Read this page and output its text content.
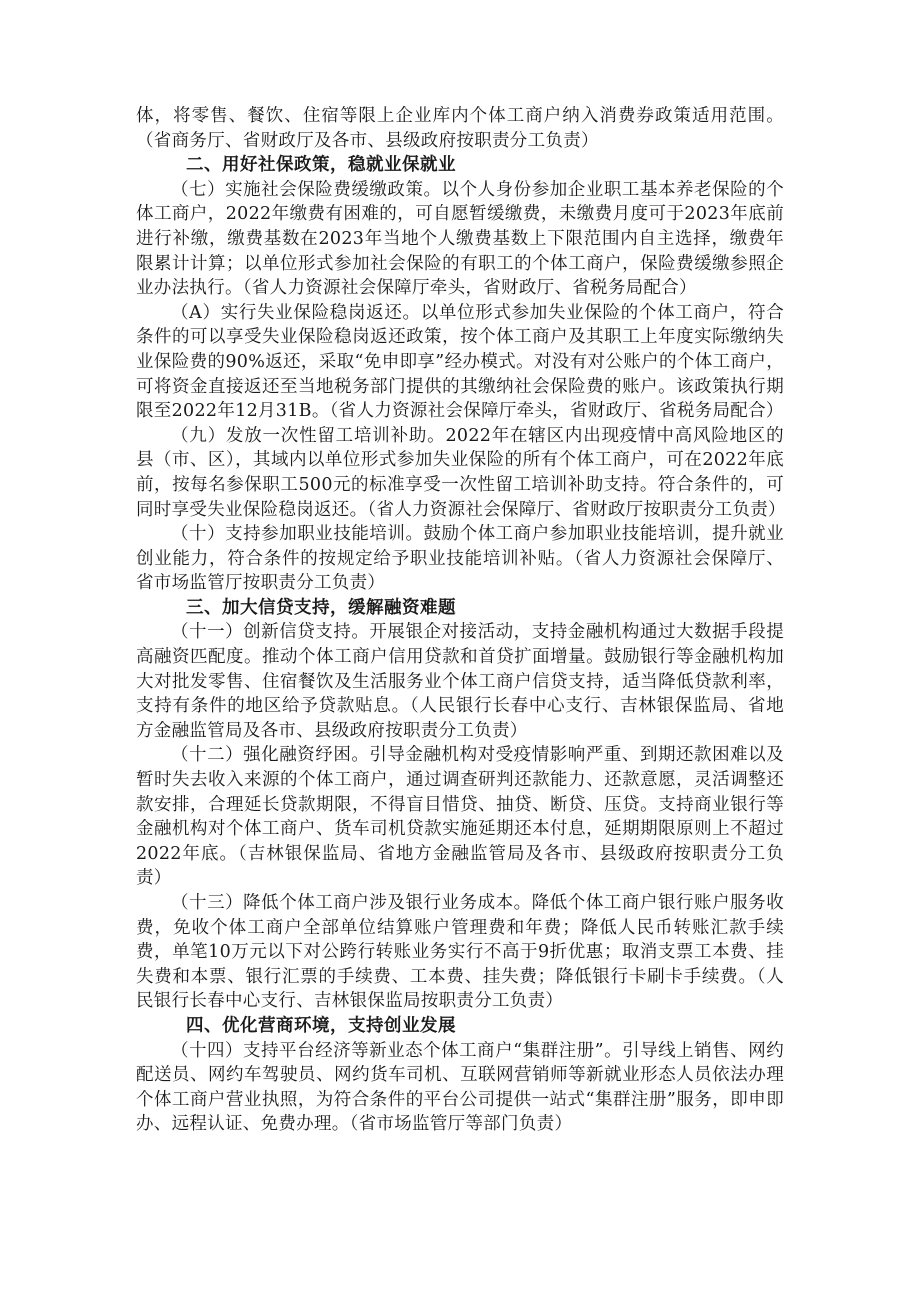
体，将零售、餐饮、住宿等限上企业库内个体工商户纳入消费券政策适用范围。（省商务厅、省财政厅及各市、县级政府按职责分工负责）

二、用好社保政策，稳就业保就业

（七）实施社会保险费缓缴政策。以个人身份参加企业职工基本养老保险的个体工商户，2022年缴费有困难的，可自愿暂缓缴费，未缴费月度可于2023年底前进行补缴，缴费基数在2023年当地个人缴费基数上下限范围内自主选择，缴费年限累计计算；以单位形式参加社会保险的有职工的个体工商户，保险费缓缴参照企业办法执行。（省人力资源社会保障厅牵头，省财政厅、省税务局配合）

（A）实行失业保险稳岗返还。以单位形式参加失业保险的个体工商户，符合条件的可以享受失业保险稳岗返还政策，按个体工商户及其职工上年度实际缴纳失业保险费的90%返还，采取“免申即享”经办模式。对没有对公账户的个体工商户，可将资金直接返还至当地税务部门提供的其缴纳社会保险费的账户。该政策执行期限至2022年12月31B。（省人力资源社会保障厅牵头，省财政厅、省税务局配合）

（九）发放一次性留工培训补助。2022年在辖区内出现疫情中高风险地区的县（市、区），其域内以单位形式参加失业保险的所有个体工商户，可在2022年底前，按每名参保职工500元的标准享受一次性留工培训补助支持。符合条件的，可同时享受失业保险稳岗返还。（省人力资源社会保障厅、省财政厅按职责分工负责）

（十）支持参加职业技能培训。鼓励个体工商户参加职业技能培训，提升就业创业能力，符合条件的按规定给予职业技能培训补贴。（省人力资源社会保障厅、省市场监管厅按职责分工负责）

三、加大信贷支持，缓解融资难题

（十一）创新信贷支持。开展银企对接活动，支持金融机构通过大数据手段提高融资匹配度。推动个体工商户信用贷款和首贷扩面增量。鼓励银行等金融机构加大对批发零售、住宿餐饮及生活服务业个体工商户信贷支持，适当降低贷款利率，支持有条件的地区给予贷款贴息。（人民银行长春中心支行、吉林银保监局、省地方金融监管局及各市、县级政府按职责分工负责）

（十二）强化融资纾困。引导金融机构对受疫情影响严重、到期还款困难以及暂时失去收入来源的个体工商户，通过调查研判还款能力、还款意愿，灵活调整还款安排，合理延长贷款期限，不得盲目惜贷、抽贷、断贷、压贷。支持商业银行等金融机构对个体工商户、货车司机贷款实施延期还本付息，延期期限原则上不超过2022年底。（吉林银保监局、省地方金融监管局及各市、县级政府按职责分工负责）

（十三）降低个体工商户涉及银行业务成本。降低个体工商户银行账户服务收费，免收个体工商户全部单位结算账户管理费和年费；降低人民币转账汇款手续费，单笔10万元以下对公跨行转账业务实行不高于9折优惠；取消支票工本费、挂失费和本票、银行汇票的手续费、工本费、挂失费；降低银行卡刷卡手续费。（人民银行长春中心支行、吉林银保监局按职责分工负责）

四、优化营商环境，支持创业发展

（十四）支持平台经济等新业态个体工商户“集群注册”。引导线上销售、网约配送员、网约车驾驶员、网约货车司机、互联网营销师等新就业形态人员依法办理个体工商户营业执照，为符合条件的平台公司提供一站式“集群注册”服务，即申即办、远程认证、免费办理。（省市场监管厅等部门负责）
